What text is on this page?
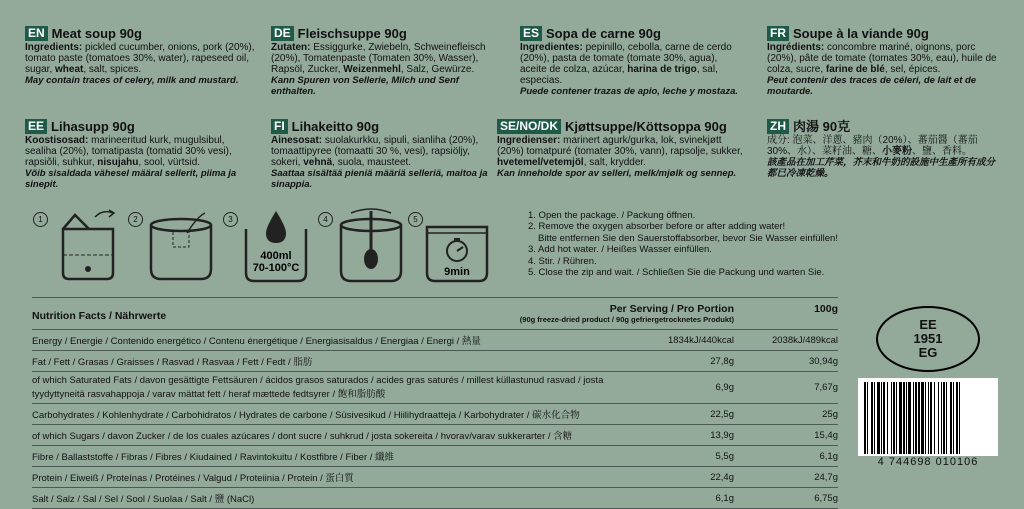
EN Meat soup 90g
Ingredients: pickled cucumber, onions, pork (20%), tomato paste (tomatoes 30%, water), rapeseed oil, sugar, wheat, salt, spices.
May contain traces of celery, milk and mustard.
DE Fleischsuppe 90g
Zutaten: Essiggurke, Zwiebeln, Schweinefleisch (20%), Tomatenpaste (Tomaten 30%, Wasser), Rapsöl, Zucker, Weizenmehl, Salz, Gewürze.
Kann Spuren von Sellerie, Milch und Senf enthalten.
ES Sopa de carne 90g
Ingredientes: pepinillo, cebolla, carne de cerdo (20%), pasta de tomate (tomate 30%, agua), aceite de colza, azúcar, harina de trigo, sal, especias.
Puede contener trazas de apio, leche y mostaza.
FR Soupe à la viande 90g
Ingrédients: concombre mariné, oignons, porc (20%), pâte de tomate (tomates 30%, eau), huile de colza, sucre, farine de blé, sel, épices.
Peut contenir des traces de céleri, de lait et de moutarde.
EE Lihasupp 90g
Koostisosad: marineeritud kurk, mugulsibul, sealiha (20%), tomatipasta (tomatid 30% vesi), rapsiõli, suhkur, nisujahu, sool, vürtsid.
Võib sisaldada vähesel määral sellerit, piima ja sinepit.
FI Lihakeitto 90g
Ainesosat: suolakurkku, sipuli, sianliha (20%), tomaattipyree (tomaatti 30 %, vesi), rapsiöljy, sokeri, vehnä, suola, mausteet.
Saattaa sisältää pieniä määriä selleriä, maitoa ja sinappia.
SE/NO/DK Kjøttsuppe/Köttsoppa 90g
Ingredienser: marinert agurk/gurka, lok, svinekjøtt (20%) tomatpuré (tomater 30%, vann), rapsolje, sukker, hvetemel/vetemjöl, salt, krydder.
Kan inneholde spor av selleri, melk/mjølk og sennep.
ZH 肉湯 90克
成分: 泡菜、洋蔥、豬肉（20%）、蕃茄醬（蕃茄30%、水）、菜籽油、糖、小麥粉、鹽、香料。
該產品在加工芹菜，芥末和牛奶的設施中生產所有成分都已冷凍乾燥。
1	2	3
400ml
70-100°C
4	5
9min
1. Open the package. / Packung öffnen.
2. Remove the oxygen absorber before or after adding water!
Bitte entfernen Sie den Sauerstoffabsorber, bevor Sie Wasser einfüllen!
3. Add hot water. / Heißes Wasser einfüllen.
4. Stir. / Rühren.
5. Close the zip and wait. / Schließen Sie die Packung und warten Sie.
Nutrition Facts / Nährwerte
Per Serving / Pro Portion
(90g freeze-dried product / 90g gefriergetrocknetes Produkt)
100g
Energy / Energie / Contenido energético / Contenu énergétique / Energiasisaldus / Energiaa / Energi / 熱量	1834kJ/440kcal	2038kJ/489kcal
Fat / Fett / Grasas / Graisses / Rasvad / Rasvaa / Fett / Fedt / 脂肪	27,8g	30,94g
of which Saturated Fats / davon gesättigte Fettsäuren / ácidos grasos saturados / acides gras saturés / millest küllastunud rasvad / josta tyydyttyneitä rasvahappoja / varav mättat fett / heraf mættede fedtsyrer / 飽和脂肪酸
6,9g	7,67g
Carbohydrates / Kohlenhydrate / Carbohidratos / Hydrates de carbone / Süsivesikud / Hiilihydraatteja / Karbohydrater / 碳水化合物	22,5g	25g
of which Sugars / davon Zucker / de los cuales azúcares / dont sucre / suhkrud / josta sokereita / hvorav/varav sukkerarter / 含糖	13,9g	15,4g
Fibre / Ballaststoffe / Fibras / Fibres / Kiudained / Ravintokuitu / Kostfibre / Fiber / 纖維	5,5g	6,1g
Protein / Eiweiß / Proteínas / Protéines / Valgud / Proteiinia / Protein / 蛋白質	22,4g	24,7g
Salt / Salz / Sal / Sel / Sool / Suolaa / Salt / 鹽 (NaCl)	6,1g	6,75g
EE
1951
EG
4 744698 010106
